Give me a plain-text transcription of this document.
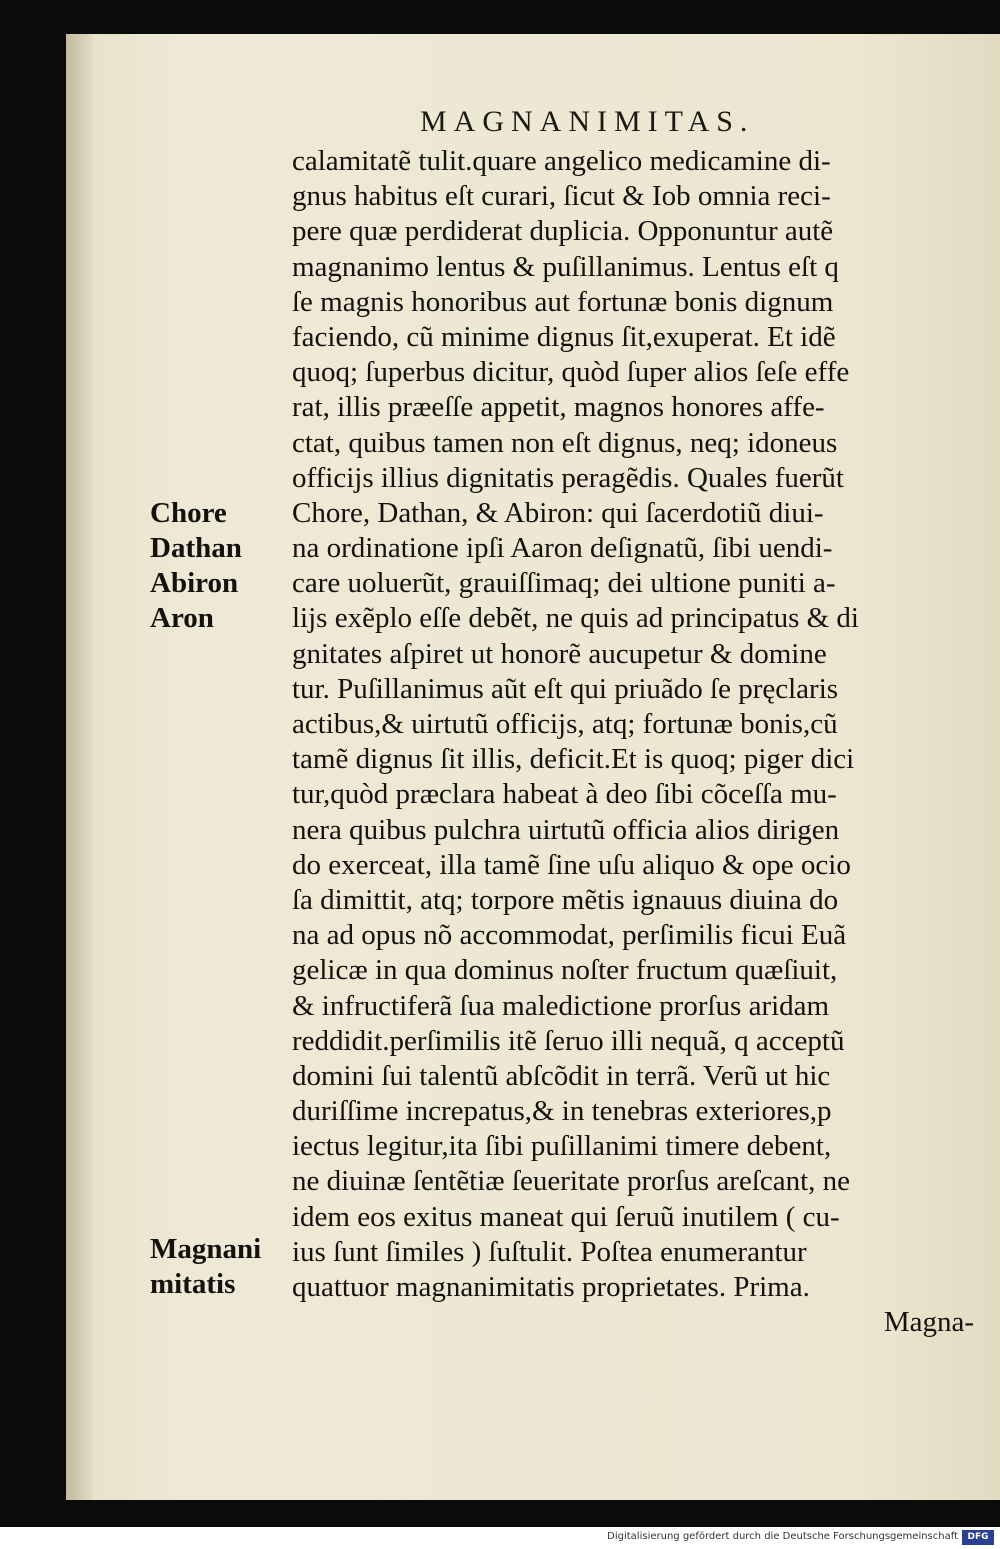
MAGNANIMITAS.
calamitatẽ tulit.quare angelico medicamine di-
gnus habitus eſt curari, ſicut & Iob omnia reci-
pere quæ perdiderat duplicia. Opponuntur autẽ
magnanimo lentus & puſillanimus. Lentus eſt q
ſe magnis honoribus aut fortunæ bonis dignum
faciendo, cũ minime dignus ſit,exuperat. Et idẽ
quoq; ſuperbus dicitur, quòd ſuper alios ſeſe effe
rat, illis præeſſe appetit, magnos honores affe-
ctat, quibus tamen non eſt dignus, neq; idoneus
officijs illius dignitatis peragẽdis. Quales fuerũt
Chore, Dathan, & Abiron: qui ſacerdotiũ diui-
na ordinatione ipſi Aaron deſignatũ, ſibi uendi-
care uoluerũt, grauiſſimaq; dei ultione puniti a-
lijs exẽplo eſſe debẽt, ne quis ad principatus & di
gnitates aſpiret ut honorẽ aucupetur & domine
tur. Puſillanimus aũt eſt qui priuãdo ſe pręclaris
actibus,& uirtutũ officijs, atq; fortunæ bonis,cũ
tamẽ dignus ſit illis, deficit.Et is quoq; piger dici
tur,quòd præclara habeat à deo ſibi cõceſſa mu-
nera quibus pulchra uirtutũ officia alios dirigen
do exerceat, illa tamẽ ſine uſu aliquo & ope ocio
ſa dimittit, atq; torpore mẽtis ignauus diuina do
na ad opus nõ accommodat, perſimilis ficui Euã
gelicæ in qua dominus noſter fructum quæſiuit,
& infructiferã ſua maledictione prorſus aridam
reddidit.perſimilis itẽ ſeruo illi nequã, q acceptũ
domini ſui talentũ abſcõdit in terrã. Verũ ut hic
duriſſime increpatus,& in tenebras exteriores,p
iectus legitur,ita ſibi puſillanimi timere debent,
ne diuinæ ſentẽtiæ ſeueritate prorſus areſcant, ne
idem eos exitus maneat qui ſeruũ inutilem ( cu-
ius ſunt ſimiles ) ſuſtulit. Poſtea enumerantur
quattuor magnanimitatis proprietates. Prima.
Magna-
Chore
Dathan
Abiron
Aron
Magnani
mitatis
Digitalisierung gefördert durch die Deutsche Forschungsgemeinschaft	DFG
